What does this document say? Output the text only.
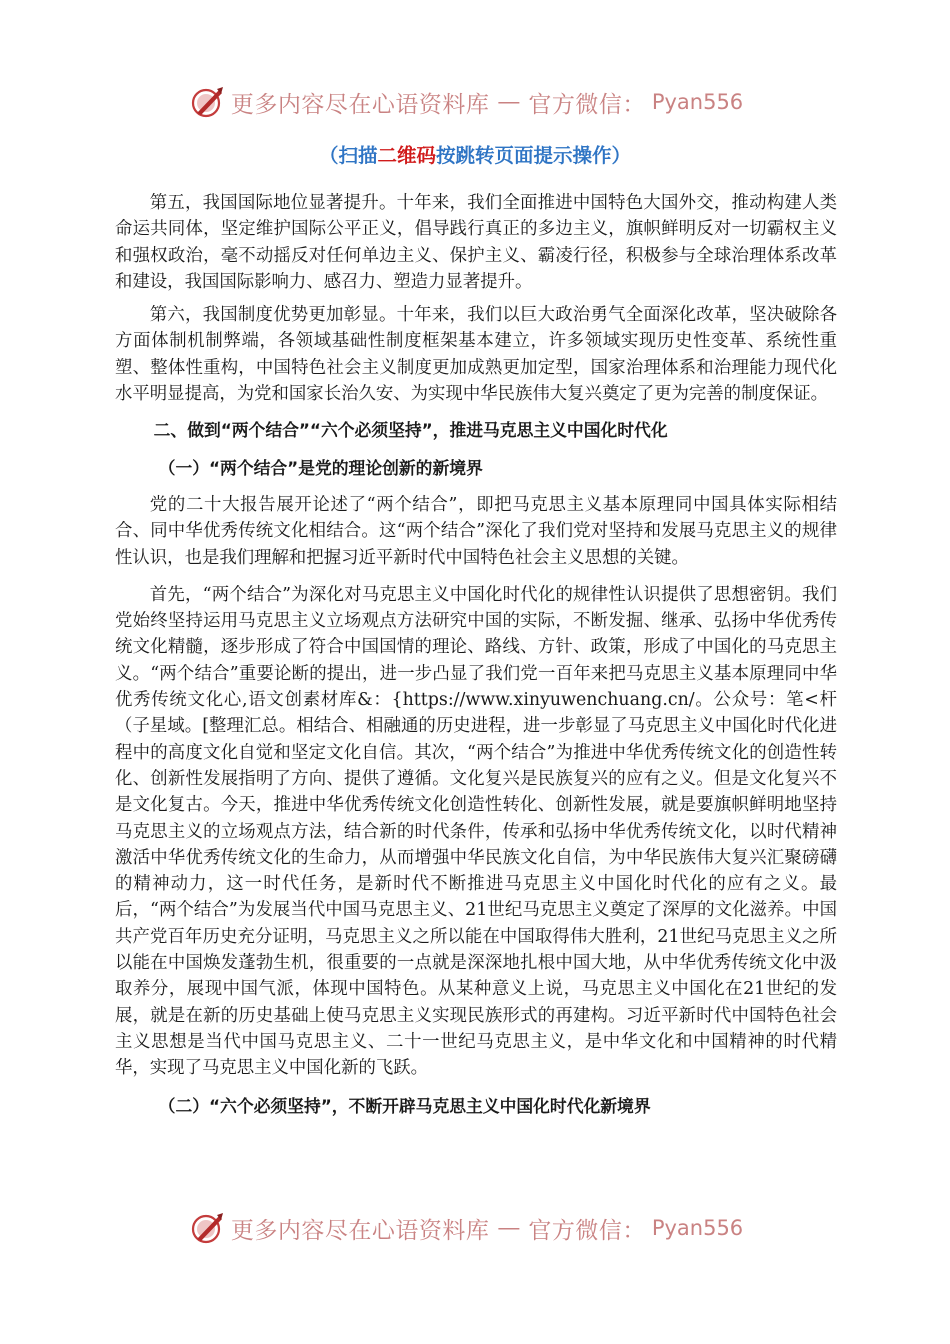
更多内容尽在心语资料库 — 官方微信： Pyan556
（扫描二维码按跳转页面提示操作）

第五，我国国际地位显著提升。十年来，我们全面推进中国特色大国外交，推动构建人类命运共同体，坚定维护国际公平正义，倡导践行真正的多边主义，旗帜鲜明反对一切霸权主义和强权政治，毫不动摇反对任何单边主义、保护主义、霸凌行径，积极参与全球治理体系改革和建设，我国国际影响力、感召力、塑造力显著提升。

第六，我国制度优势更加彰显。十年来，我们以巨大政治勇气全面深化改革，坚决破除各方面体制机制弊端，各领域基础性制度框架基本建立，许多领域实现历史性变革、系统性重塑、整体性重构，中国特色社会主义制度更加成熟更加定型，国家治理体系和治理能力现代化水平明显提高，为党和国家长治久安、为实现中华民族伟大复兴奠定了更为完善的制度保证。

二、做到“两个结合”“六个必须坚持”，推进马克思主义中国化时代化

（一）“两个结合”是党的理论创新的新境界

党的二十大报告展开论述了“两个结合”，即把马克思主义基本原理同中国具体实际相结合、同中华优秀传统文化相结合。这“两个结合”深化了我们党对坚持和发展马克思主义的规律性认识，也是我们理解和把握习近平新时代中国特色社会主义思想的关键。

首先，“两个结合”为深化对马克思主义中国化时代化的规律性认识提供了思想密钥。我们党始终坚持运用马克思主义立场观点方法研究中国的实际，不断发掘、继承、弘扬中华优秀传统文化精髓，逐步形成了符合中国国情的理论、路线、方针、政策，形成了中国化的马克思主义。“两个结合”重要论断的提出，进一步凸显了我们党一百年来把马克思主义基本原理同中华优秀传统文化心,语文创素材库&：{https://www.xinyuwenchuang.cn/。公众号：笔<杆（子星域。[整理汇总。相结合、相融通的历史进程，进一步彰显了马克思主义中国化时代化进程中的高度文化自觉和坚定文化自信。其次，“两个结合”为推进中华优秀传统文化的创造性转化、创新性发展指明了方向、提供了遵循。文化复兴是民族复兴的应有之义。但是文化复兴不是文化复古。今天，推进中华优秀传统文化创造性转化、创新性发展，就是要旗帜鲜明地坚持马克思主义的立场观点方法，结合新的时代条件，传承和弘扬中华优秀传统文化，以时代精神激活中华优秀传统文化的生命力，从而增强中华民族文化自信，为中华民族伟大复兴汇聚磅礴的精神动力，这一时代任务，是新时代不断推进马克思主义中国化时代化的应有之义。最后，“两个结合”为发展当代中国马克思主义、21世纪马克思主义奠定了深厚的文化滋养。中国共产党百年历史充分证明，马克思主义之所以能在中国取得伟大胜利，21世纪马克思主义之所以能在中国焕发蓬勃生机，很重要的一点就是深深地扎根中国大地，从中华优秀传统文化中汲取养分，展现中国气派，体现中国特色。从某种意义上说，马克思主义中国化在21世纪的发展，就是在新的历史基础上使马克思主义实现民族形式的再建构。习近平新时代中国特色社会主义思想是当代中国马克思主义、二十一世纪马克思主义，是中华文化和中国精神的时代精华，实现了马克思主义中国化新的飞跃。

（二）“六个必须坚持”，不断开辟马克思主义中国化时代化新境界

更多内容尽在心语资料库 — 官方微信： Pyan556
